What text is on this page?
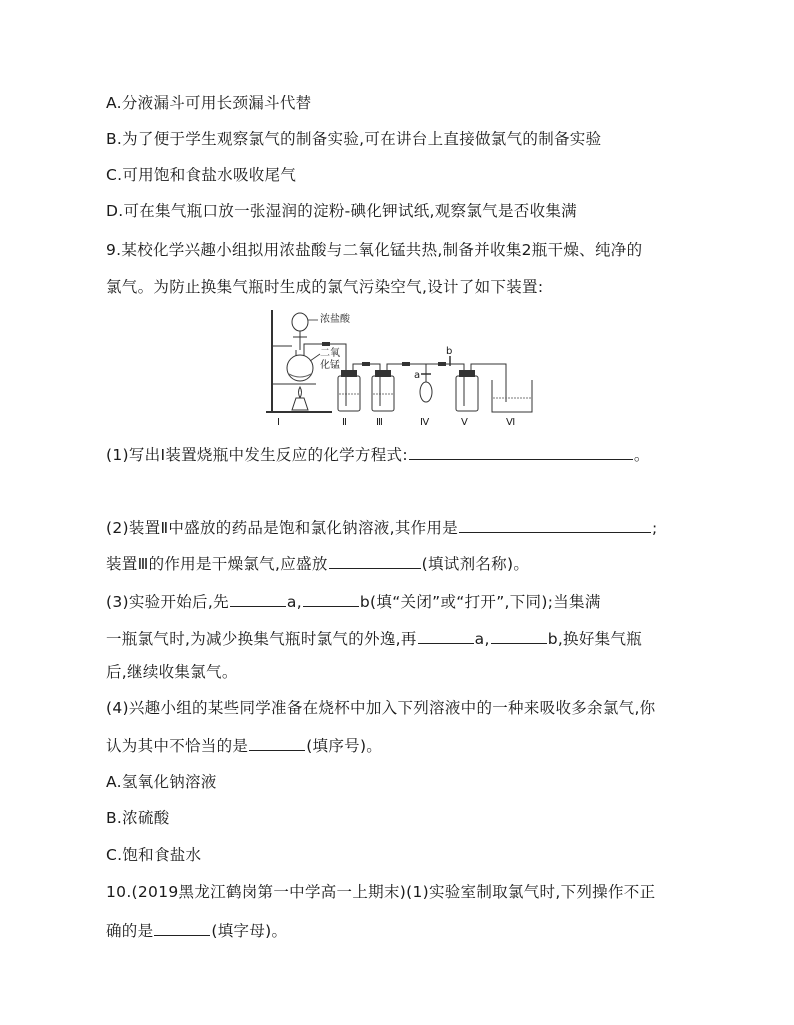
A.分液漏斗可用长颈漏斗代替
B.为了便于学生观察氯气的制备实验,可在讲台上直接做氯气的制备实验
C.可用饱和食盐水吸收尾气
D.可在集气瓶口放一张湿润的淀粉-碘化钾试纸,观察氯气是否收集满
9.某校化学兴趣小组拟用浓盐酸与二氧化锰共热,制备并收集2瓶干燥、纯净的
氯气。为防止换集气瓶时生成的氯气污染空气,设计了如下装置:
浓盐酸
二氧
化锰
a
b
Ⅰ	Ⅱ	Ⅲ	Ⅳ	Ⅴ	Ⅵ
(1)写出Ⅰ装置烧瓶中发生反应的化学方程式:	。
(2)装置Ⅱ中盛放的药品是饱和氯化钠溶液,其作用是	;
装置Ⅲ的作用是干燥氯气,应盛放	(填试剂名称)。
(3)实验开始后,先	a,	b(填“关闭”或“打开”,下同);当集满
一瓶氯气时,为减少换集气瓶时氯气的外逸,再	a,	b,换好集气瓶
后,继续收集氯气。
(4)兴趣小组的某些同学准备在烧杯中加入下列溶液中的一种来吸收多余氯气,你
认为其中不恰当的是	(填序号)。
A.氢氧化钠溶液
B.浓硫酸
C.饱和食盐水
10.(2019黑龙江鹤岗第一中学高一上期末)(1)实验室制取氯气时,下列操作不正
确的是	(填字母)。
